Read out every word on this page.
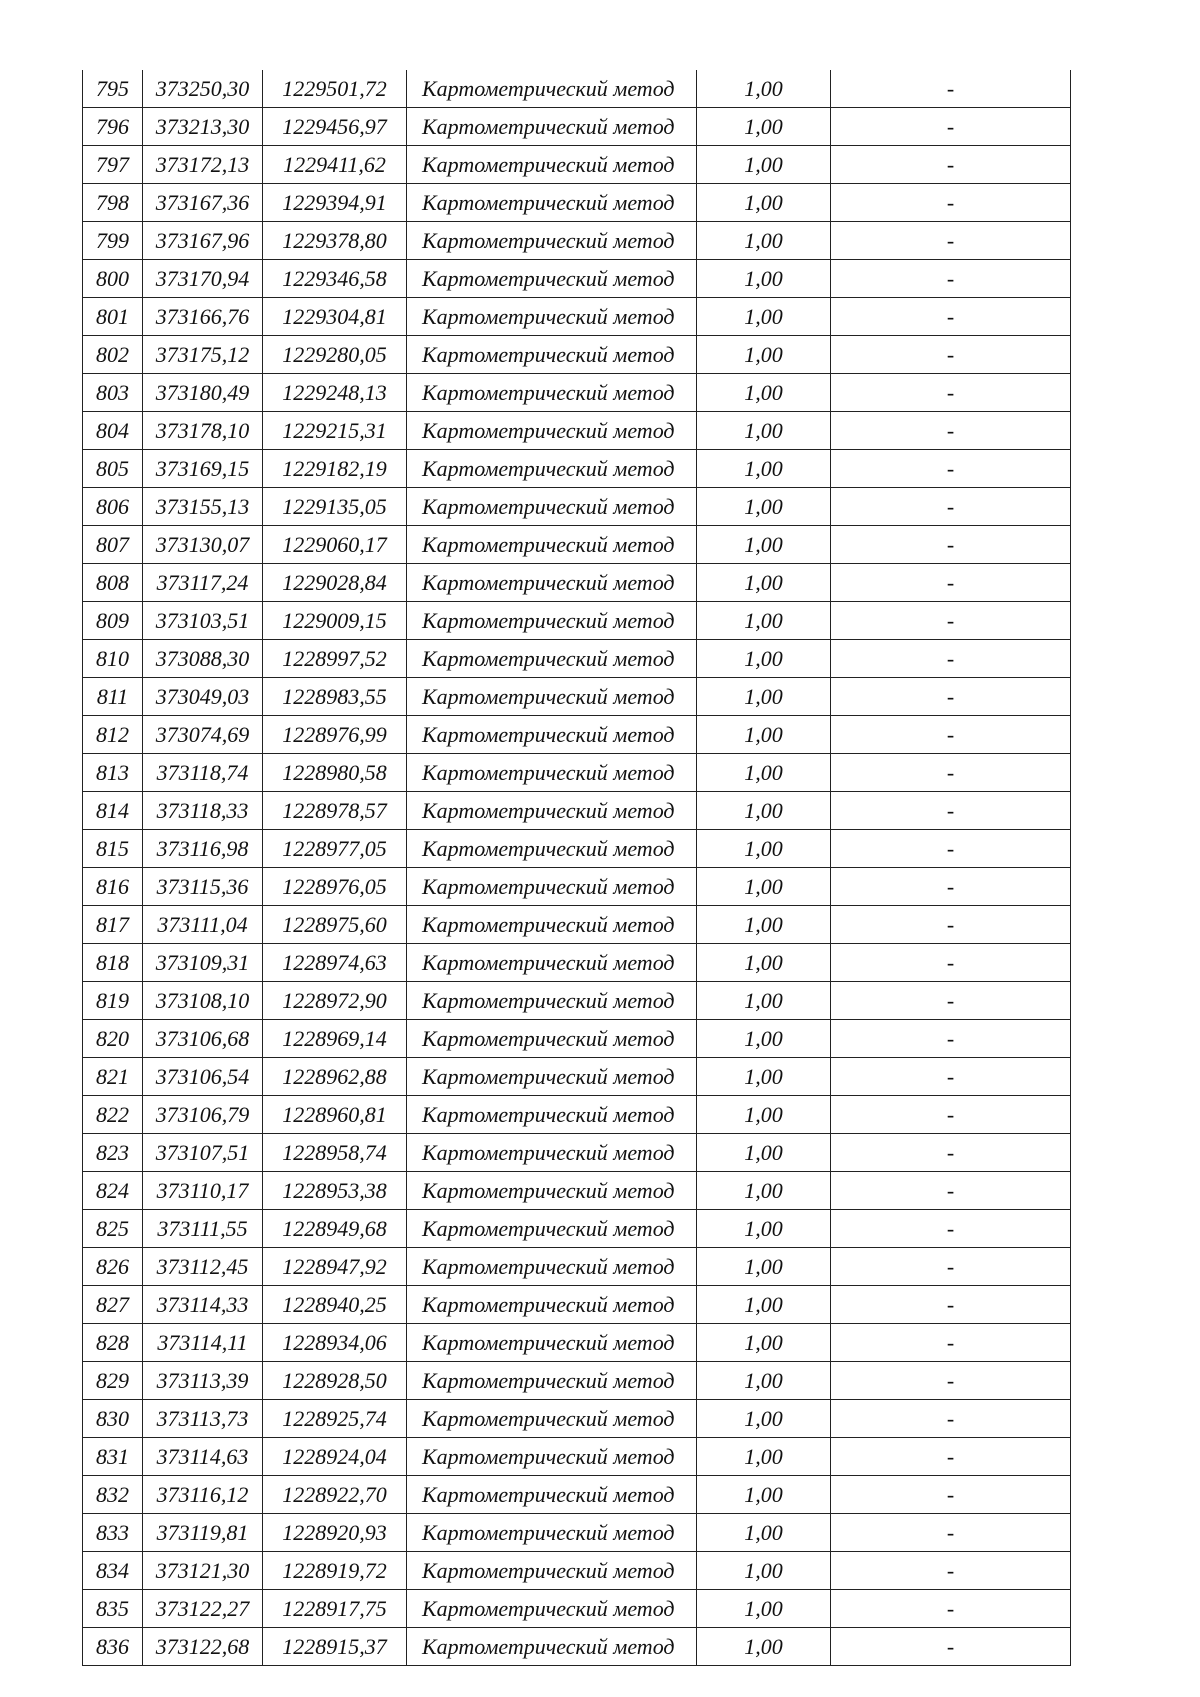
795	373250,30	1229501,72	Картометрический метод	1,00	-
796	373213,30	1229456,97	Картометрический метод	1,00	-
797	373172,13	1229411,62	Картометрический метод	1,00	-
798	373167,36	1229394,91	Картометрический метод	1,00	-
799	373167,96	1229378,80	Картометрический метод	1,00	-
800	373170,94	1229346,58	Картометрический метод	1,00	-
801	373166,76	1229304,81	Картометрический метод	1,00	-
802	373175,12	1229280,05	Картометрический метод	1,00	-
803	373180,49	1229248,13	Картометрический метод	1,00	-
804	373178,10	1229215,31	Картометрический метод	1,00	-
805	373169,15	1229182,19	Картометрический метод	1,00	-
806	373155,13	1229135,05	Картометрический метод	1,00	-
807	373130,07	1229060,17	Картометрический метод	1,00	-
808	373117,24	1229028,84	Картометрический метод	1,00	-
809	373103,51	1229009,15	Картометрический метод	1,00	-
810	373088,30	1228997,52	Картометрический метод	1,00	-
811	373049,03	1228983,55	Картометрический метод	1,00	-
812	373074,69	1228976,99	Картометрический метод	1,00	-
813	373118,74	1228980,58	Картометрический метод	1,00	-
814	373118,33	1228978,57	Картометрический метод	1,00	-
815	373116,98	1228977,05	Картометрический метод	1,00	-
816	373115,36	1228976,05	Картометрический метод	1,00	-
817	373111,04	1228975,60	Картометрический метод	1,00	-
818	373109,31	1228974,63	Картометрический метод	1,00	-
819	373108,10	1228972,90	Картометрический метод	1,00	-
820	373106,68	1228969,14	Картометрический метод	1,00	-
821	373106,54	1228962,88	Картометрический метод	1,00	-
822	373106,79	1228960,81	Картометрический метод	1,00	-
823	373107,51	1228958,74	Картометрический метод	1,00	-
824	373110,17	1228953,38	Картометрический метод	1,00	-
825	373111,55	1228949,68	Картометрический метод	1,00	-
826	373112,45	1228947,92	Картометрический метод	1,00	-
827	373114,33	1228940,25	Картометрический метод	1,00	-
828	373114,11	1228934,06	Картометрический метод	1,00	-
829	373113,39	1228928,50	Картометрический метод	1,00	-
830	373113,73	1228925,74	Картометрический метод	1,00	-
831	373114,63	1228924,04	Картометрический метод	1,00	-
832	373116,12	1228922,70	Картометрический метод	1,00	-
833	373119,81	1228920,93	Картометрический метод	1,00	-
834	373121,30	1228919,72	Картометрический метод	1,00	-
835	373122,27	1228917,75	Картометрический метод	1,00	-
836	373122,68	1228915,37	Картометрический метод	1,00	-
